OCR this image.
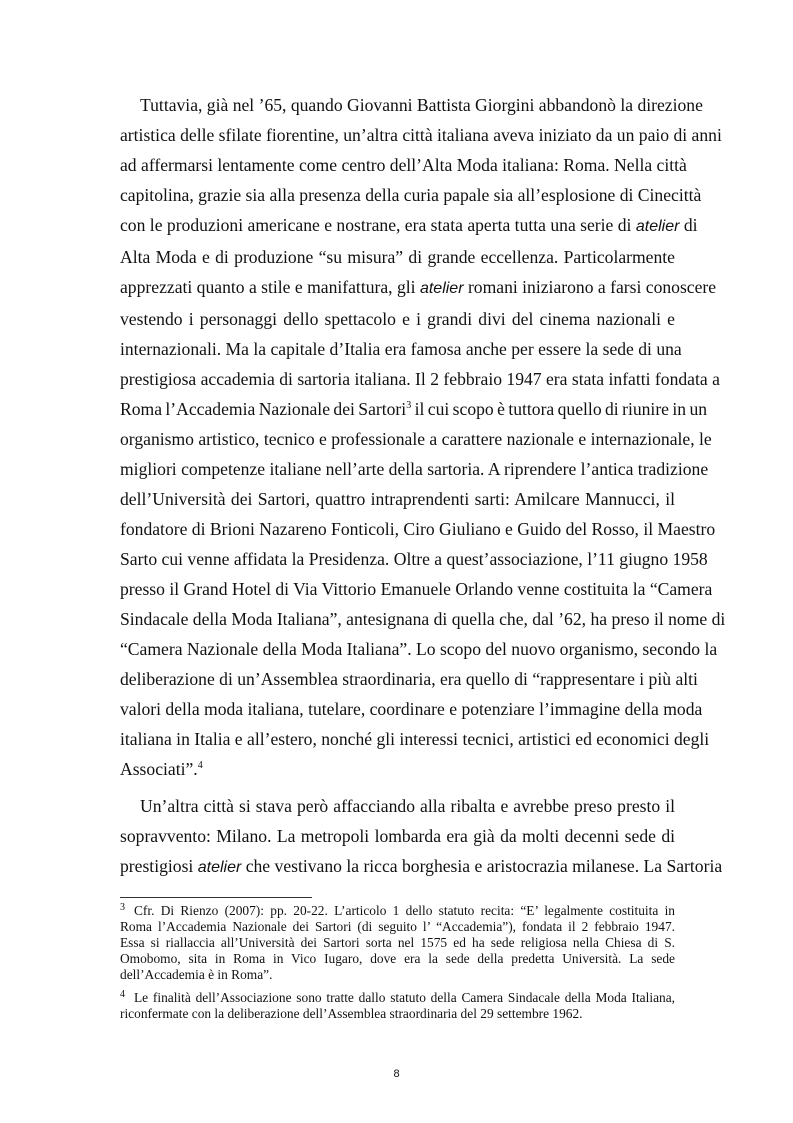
Tuttavia, già nel ’65, quando Giovanni Battista Giorgini abbandonò la direzione
artistica delle sfilate fiorentine, un’altra città italiana aveva iniziato da un paio di anni
ad affermarsi lentamente come centro dell’Alta Moda italiana: Roma. Nella città
capitolina, grazie sia alla presenza della curia papale sia all’esplosione di Cinecittà
con le produzioni americane e nostrane, era stata aperta tutta una serie di atelier di
Alta Moda e di produzione “su misura” di grande eccellenza. Particolarmente
apprezzati quanto a stile e manifattura, gli atelier romani iniziarono a farsi conoscere
vestendo i personaggi dello spettacolo e i grandi divi del cinema nazionali e
internazionali. Ma la capitale d’Italia era famosa anche per essere la sede di una
prestigiosa accademia di sartoria italiana. Il 2 febbraio 1947 era stata infatti fondata a
Roma l’Accademia Nazionale dei Sartori$^3$ il cui scopo è tuttora quello di riunire in un
organismo artistico, tecnico e professionale a carattere nazionale e internazionale, le
migliori competenze italiane nell’arte della sartoria. A riprendere l’antica tradizione
dell’Università dei Sartori, quattro intraprendenti sarti: Amilcare Mannucci, il
fondatore di Brioni Nazareno Fonticoli, Ciro Giuliano e Guido del Rosso, il Maestro
Sarto cui venne affidata la Presidenza. Oltre a quest’associazione, l’11 giugno 1958
presso il Grand Hotel di Via Vittorio Emanuele Orlando venne costituita la “Camera
Sindacale della Moda Italiana”, antesignana di quella che, dal ’62, ha preso il nome di
“Camera Nazionale della Moda Italiana”. Lo scopo del nuovo organismo, secondo la
deliberazione di un’Assemblea straordinaria, era quello di “rappresentare i più alti
valori della moda italiana, tutelare, coordinare e potenziare l’immagine della moda
italiana in Italia e all’estero, nonché gli interessi tecnici, artistici ed economici degli
Associati”.$^4$

Un’altra città si stava però affacciando alla ribalta e avrebbe preso presto il
sopravvento: Milano. La metropoli lombarda era già da molti decenni sede di
prestigiosi atelier che vestivano la ricca borghesia e aristocrazia milanese. La Sartoria

3 Cfr. Di Rienzo (2007): pp. 20-22. L’articolo 1 dello statuto recita: “E’ legalmente costituita in
Roma l’Accademia Nazionale dei Sartori (di seguito l’ “Accademia”), fondata il 2 febbraio 1947.
Essa si riallaccia all’Università dei Sartori sorta nel 1575 ed ha sede religiosa nella Chiesa di S.
Omobomo, sita in Roma in Vico Iugaro, dove era la sede della predetta Università. La sede
dell’Accademia è in Roma”.
4 Le finalità dell’Associazione sono tratte dallo statuto della Camera Sindacale della Moda Italiana,
riconfermate con la deliberazione dell’Assemblea straordinaria del 29 settembre 1962.
8
